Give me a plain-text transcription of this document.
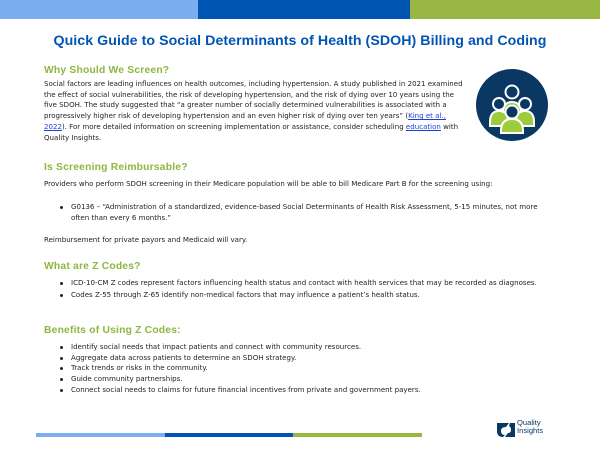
Quick Guide to Social Determinants of Health (SDOH) Billing and Coding
Why Should We Screen?

Social factors are leading influences on health outcomes, including hypertension. A study published in 2021 examined the effect of social vulnerabilities, the risk of developing hypertension, and the risk of dying over 10 years using the five SDOH. The study suggested that “a greater number of socially determined vulnerabilities is associated with a progressively higher risk of developing hypertension and an even higher risk of dying over ten years” (King et al., 2022). For more detailed information on screening implementation or assistance, consider scheduling education with Quality Insights.

Is Screening Reimbursable?

Providers who perform SDOH screening in their Medicare population will be able to bill Medicare Part B for the screening using:

G0136 – “Administration of a standardized, evidence-based Social Determinants of Health Risk Assessment, 5-15 minutes, not more often than every 6 months.”

Reimbursement for private payors and Medicaid will vary.

What are Z Codes?
ICD-10-CM Z codes represent factors influencing health status and contact with health services that may be recorded as diagnoses.
Codes Z-55 through Z-65 identify non-medical factors that may influence a patient’s health status.
Benefits of Using Z Codes:
Identify social needs that impact patients and connect with community resources.
Aggregate data across patients to determine an SDOH strategy.
Track trends or risks in the community.
Guide community partnerships.
Connect social needs to claims for future financial incentives from private and government payers.
Quality
Insights
